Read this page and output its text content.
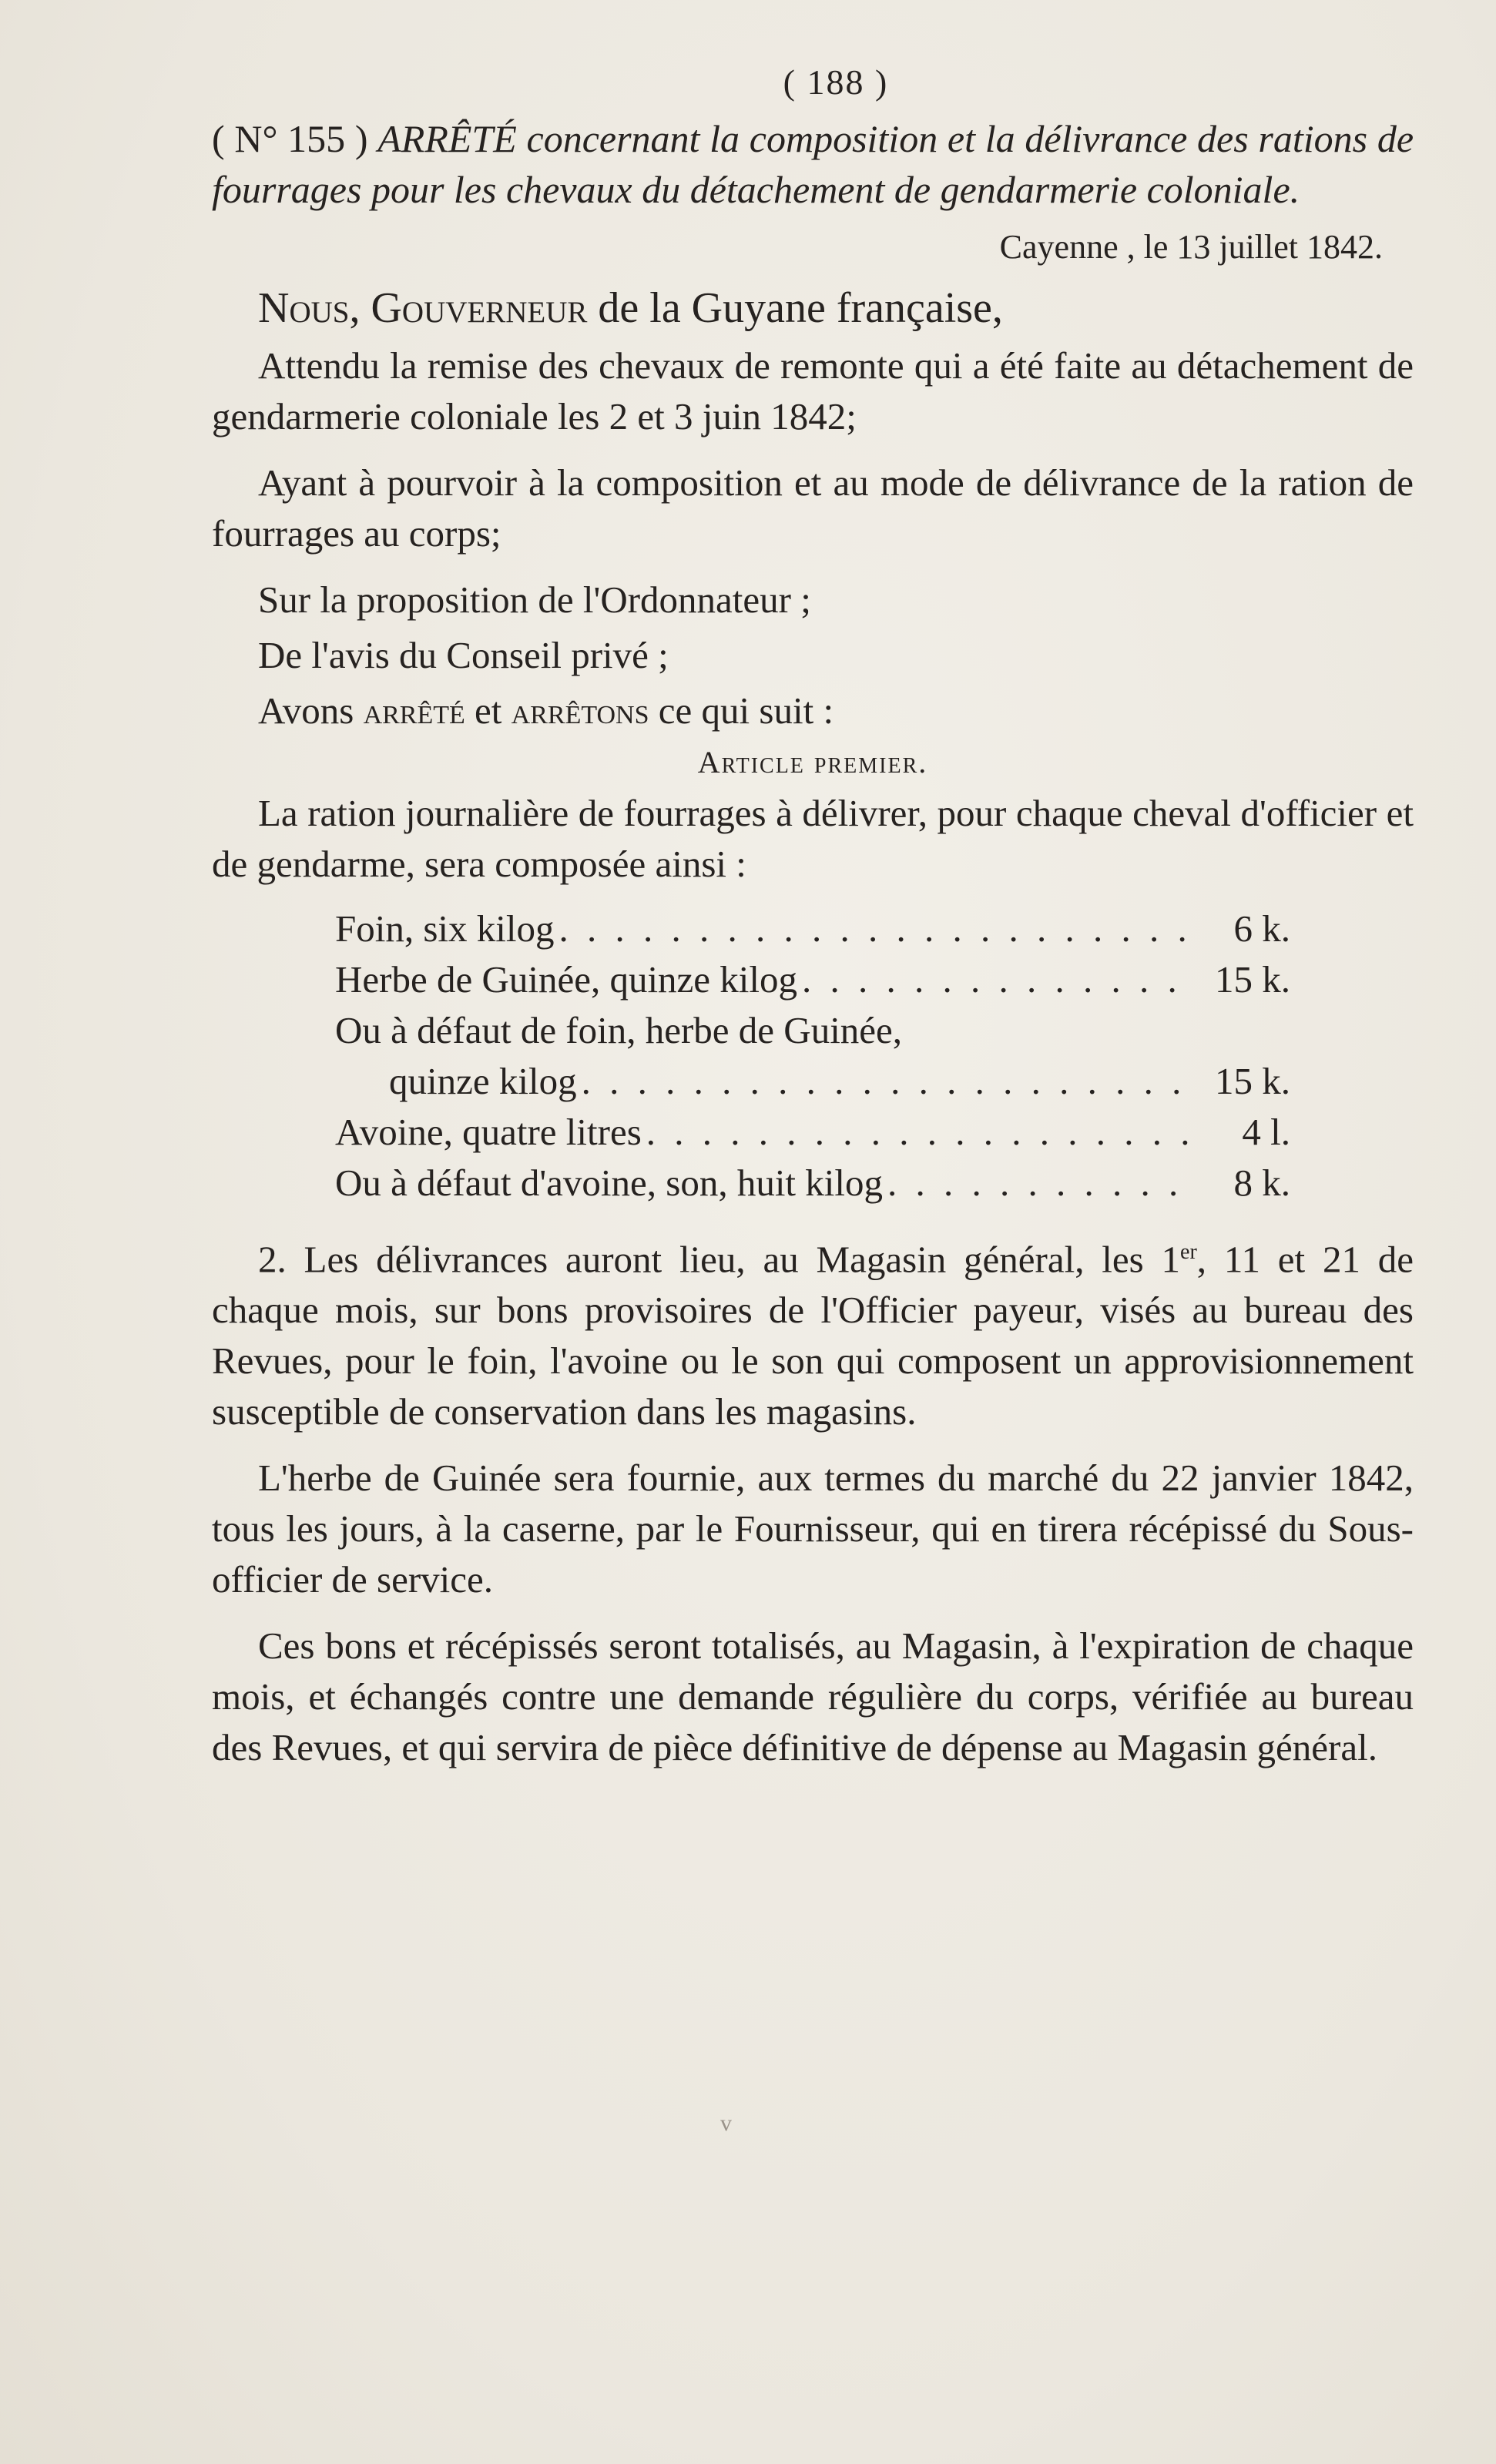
( 188 )

( N° 155 ) ARRÊTÉ concernant la composition et la délivrance des rations de fourrages pour les chevaux du détachement de gendarmerie coloniale.

Cayenne , le 13 juillet 1842.
Nous, Gouverneur de la Guyane française,

Attendu la remise des chevaux de remonte qui a été faite au détachement de gendarmerie coloniale les 2 et 3 juin 1842;

Ayant à pourvoir à la composition et au mode de délivrance de la ration de fourrages au corps;

Sur la proposition de l'Ordonnateur ;
De l'avis du Conseil privé ;
Avons arrêté et arrêtons ce qui suit :
Article premier.

La ration journalière de fourrages à délivrer, pour chaque cheval d'officier et de gendarme, sera composée ainsi :

Foin, six kilog . . .	6 k.
Herbe de Guinée, quinze kilog . . .	15 k.
Ou à défaut de foin, herbe de Guinée,
quinze kilog . . .	15 k.
Avoine, quatre litres . . .	4 l.
Ou à défaut d'avoine, son, huit kilog . . .	8 k.

2. Les délivrances auront lieu, au Magasin général, les 1er, 11 et 21 de chaque mois, sur bons provisoires de l'Officier payeur, visés au bureau des Revues, pour le foin, l'avoine ou le son qui composent un approvisionnement susceptible de conservation dans les magasins.

L'herbe de Guinée sera fournie, aux termes du marché du 22 janvier 1842, tous les jours, à la caserne, par le Fournisseur, qui en tirera récépissé du Sous-officier de service.

Ces bons et récépissés seront totalisés, au Magasin, à l'expiration de chaque mois, et échangés contre une demande régulière du corps, vérifiée au bureau des Revues, et qui servira de pièce définitive de dépense au Magasin général.

v
